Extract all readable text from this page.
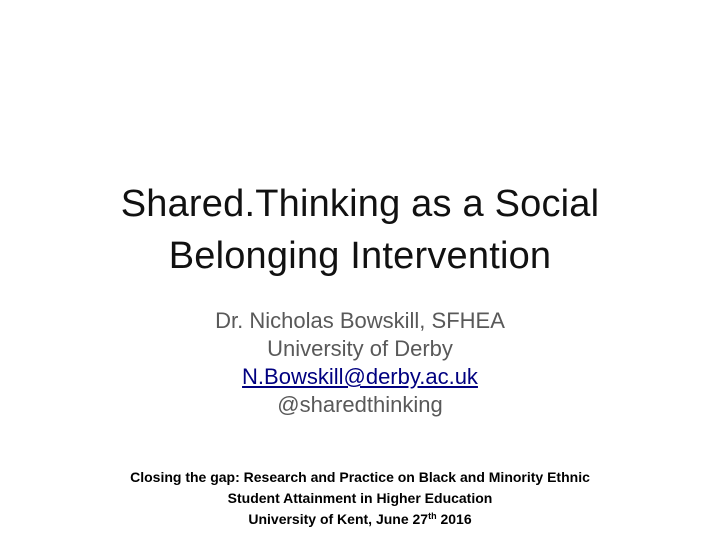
Shared.Thinking as a Social
Belonging Intervention
Dr. Nicholas Bowskill, SFHEA
University of Derby
N.Bowskill@derby.ac.uk
@sharedthinking
Closing the gap: Research and Practice on Black and Minority Ethnic
Student Attainment in Higher Education
University of Kent, June 27th 2016
